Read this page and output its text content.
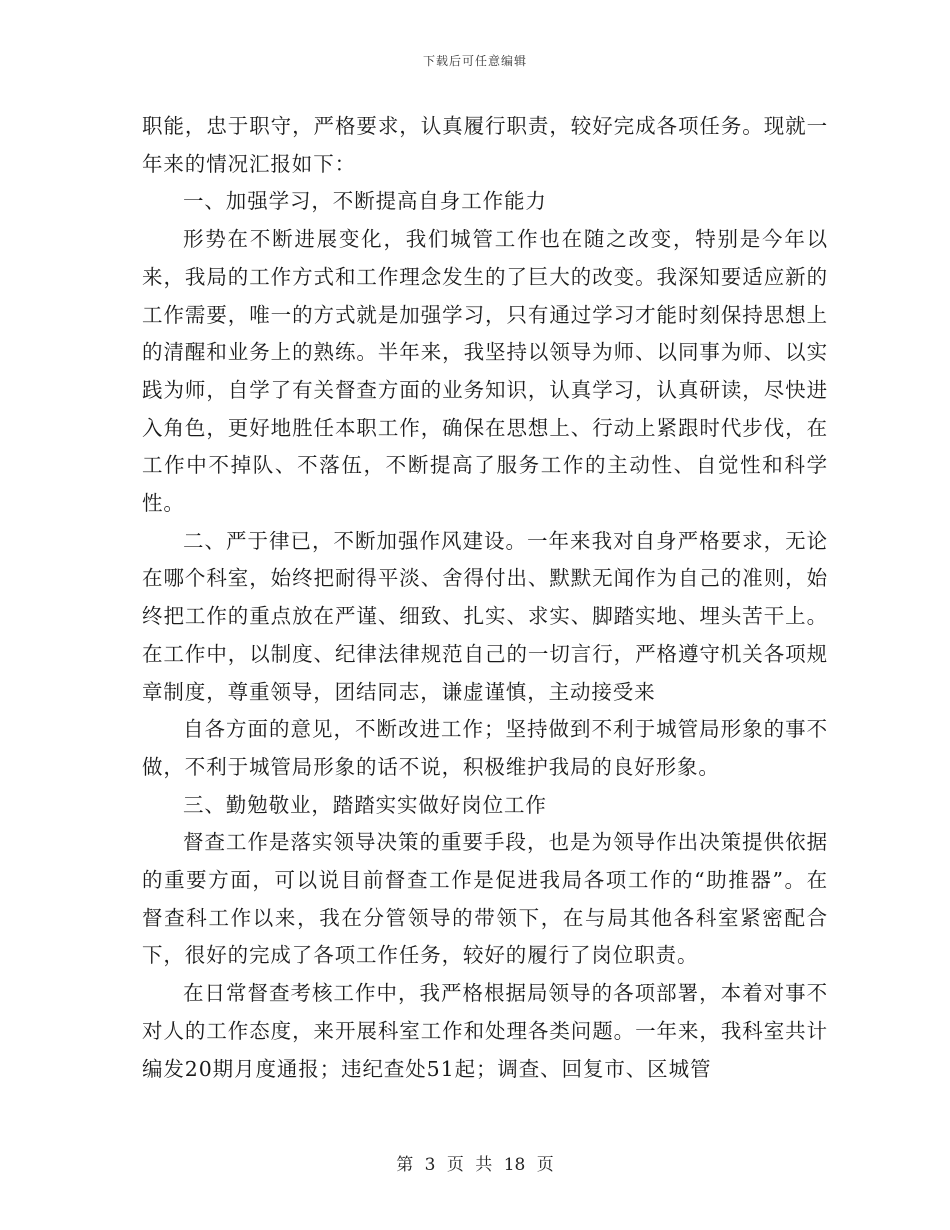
下载后可任意编辑

职能，忠于职守，严格要求，认真履行职责，较好完成各项任务。现就一年来的情况汇报如下：

一、加强学习，不断提高自身工作能力

形势在不断进展变化，我们城管工作也在随之改变，特别是今年以来，我局的工作方式和工作理念发生的了巨大的改变。我深知要适应新的工作需要，唯一的方式就是加强学习，只有通过学习才能时刻保持思想上的清醒和业务上的熟练。半年来，我坚持以领导为师、以同事为师、以实践为师，自学了有关督查方面的业务知识，认真学习，认真研读，尽快进入角色，更好地胜任本职工作，确保在思想上、行动上紧跟时代步伐，在工作中不掉队、不落伍，不断提高了服务工作的主动性、自觉性和科学性。

二、严于律已，不断加强作风建设。一年来我对自身严格要求，无论在哪个科室，始终把耐得平淡、舍得付出、默默无闻作为自己的准则，始终把工作的重点放在严谨、细致、扎实、求实、脚踏实地、埋头苦干上。在工作中，以制度、纪律法律规范自己的一切言行，严格遵守机关各项规章制度，尊重领导，团结同志，谦虚谨慎，主动接受来

自各方面的意见，不断改进工作；坚持做到不利于城管局形象的事不做，不利于城管局形象的话不说，积极维护我局的良好形象。

三、勤勉敬业，踏踏实实做好岗位工作

督查工作是落实领导决策的重要手段，也是为领导作出决策提供依据的重要方面，可以说目前督查工作是促进我局各项工作的“助推器”。在督查科工作以来，我在分管领导的带领下，在与局其他各科室紧密配合下，很好的完成了各项工作任务，较好的履行了岗位职责。

在日常督查考核工作中，我严格根据局领导的各项部署，本着对事不对人的工作态度，来开展科室工作和处理各类问题。一年来，我科室共计编发20期月度通报；违纪查处51起；调查、回复市、区城管

第 3 页 共 18 页
